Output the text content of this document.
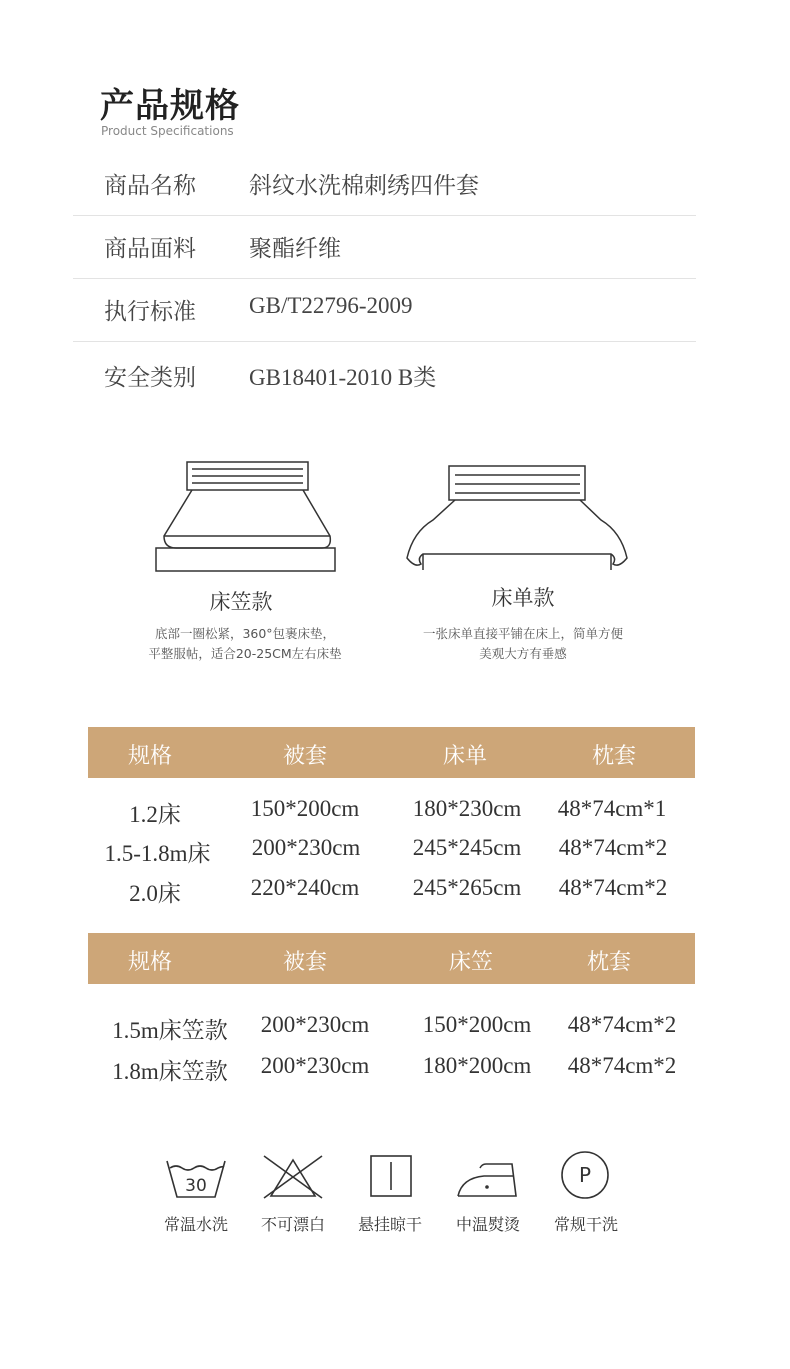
产品规格
Product Specifications
商品名称 斜纹水洗棉刺绣四件套
商品面料 聚酯纤维
执行标准 GB/T22796-2009
安全类别 GB18401-2010 B类
床笠款
底部一圈松紧，360°包裹床垫，
平整服帖，适合20-25CM左右床垫
床单款
一张床单直接平铺在床上，简单方便
美观大方有垂感
规格	被套	床单	枕套
1.2床	150*200cm	180*230cm	48*74cm*1
1.5-1.8m床	200*230cm	245*245cm	48*74cm*2
2.0床	220*240cm	245*265cm	48*74cm*2
规格	被套	床笠	枕套
1.5m床笠款	200*230cm	150*200cm	48*74cm*2
1.8m床笠款	200*230cm	180*200cm	48*74cm*2
30	P
常温水洗	不可漂白	悬挂晾干	中温熨烫	常规干洗
